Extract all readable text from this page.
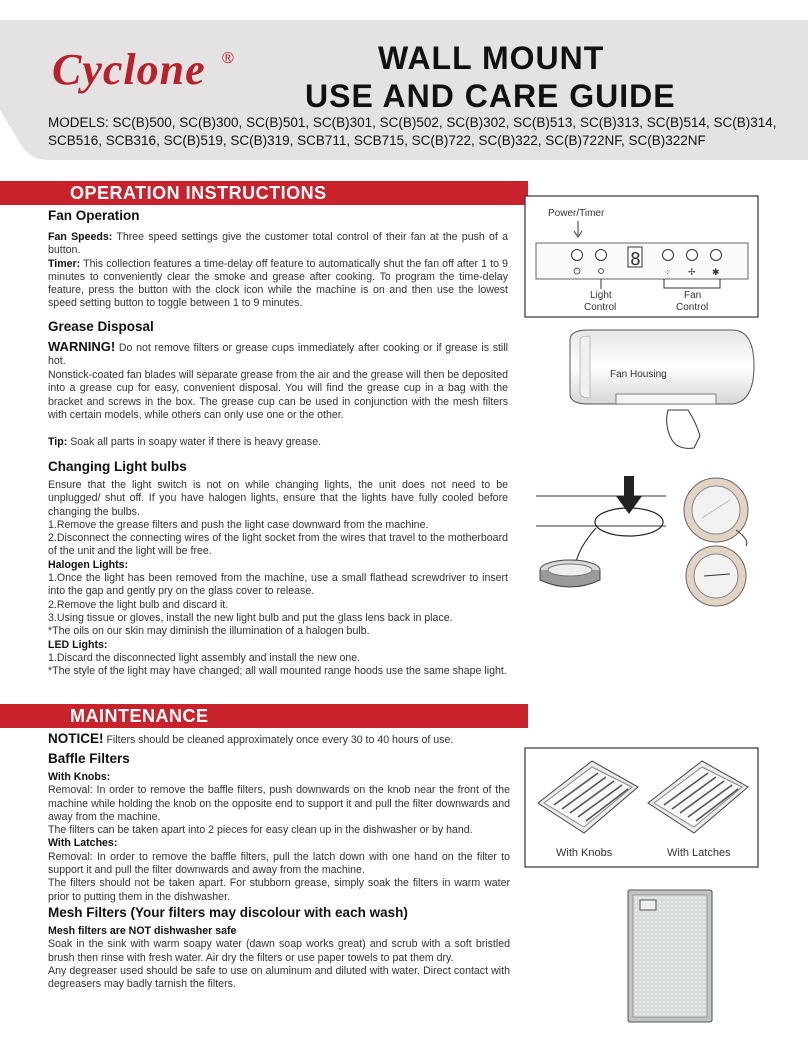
Cyclone ®	WALL MOUNT
USE AND CARE GUIDE
MODELS: SC(B)500, SC(B)300, SC(B)501, SC(B)301, SC(B)502, SC(B)302, SC(B)513, SC(B)313, SC(B)514, SC(B)314,
SCB516, SCB316, SC(B)519, SC(B)319, SCB711, SCB715, SC(B)722, SC(B)322, SC(B)722NF, SC(B)322NF
OPERATION INSTRUCTIONS
Fan Operation
Fan Speeds: Three speed settings give the customer total control of their fan at the push of a button.
Timer: This collection features a time-delay off feature to automatically shut the fan off after 1 to 9 minutes to conveniently clear the smoke and grease after cooking. To program the time-delay feature, press the button with the clock icon while the machine is on and then use the lowest speed setting button to toggle between 1 to 9 minutes.
Grease Disposal
WARNING! Do not remove filters or grease cups immediately after cooking or if grease is still hot.
Nonstick-coated fan blades will separate grease from the air and the grease will then be deposited into a grease cup for easy, convenient disposal. You will find the grease cup in a bag with the bracket and screws in the box. The grease cup can be used in conjunction with the mesh filters with certain models, while others can only use one or the other.
Tip: Soak all parts in soapy water if there is heavy grease.
Changing Light bulbs
Ensure that the light switch is not on while changing lights, the unit does not need to be unplugged/ shut off. If you have halogen lights, ensure that the lights have fully cooled before changing the bulbs.
1.Remove the grease filters and push the light case downward from the machine.
2.Disconnect the connecting wires of the light socket from the wires that travel to the motherboard of the unit and the light will be free.
Halogen Lights:
1.Once the light has been removed from the machine, use a small flathead screwdriver to insert into the gap and gently pry on the glass cover to release.
2.Remove the light bulb and discard it.
3.Using tissue or gloves, install the new light bulb and put the glass lens back in place.
*The oils on our skin may diminish the illumination of a halogen bulb.
LED Lights:
1.Discard the disconnected light assembly and install the new one.
*The style of the light may have changed; all wall mounted range hoods use the same shape light.
Power/Timer
8
⁘ ✢ ✱
Light
Control
Fan
Control
Fan Housing
MAINTENANCE
NOTICE! Filters should be cleaned approximately once every 30 to 40 hours of use.
Baffle Filters
With Knobs:
Removal: In order to remove the baffle filters, push downwards on the knob near the front of the machine while holding the knob on the opposite end to support it and pull the filter downwards and away from the machine.
The filters can be taken apart into 2 pieces for easy clean up in the dishwasher or by hand.
With Latches:
Removal: In order to remove the baffle filters, pull the latch down with one hand on the filter to support it and pull the filter downwards and away from the machine.
The filters should not be taken apart. For stubborn grease, simply soak the filters in warm water prior to putting them in the dishwasher.
Mesh Filters (Your filters may discolour with each wash)
Mesh filters are NOT dishwasher safe
Soak in the sink with warm soapy water (dawn soap works great) and scrub with a soft bristled brush then rinse with fresh water. Air dry the filters or use paper towels to pat them dry.
Any degreaser used should be safe to use on aluminum and diluted with water. Direct contact with degreasers may badly tarnish the filters.
With Knobs	With Latches
